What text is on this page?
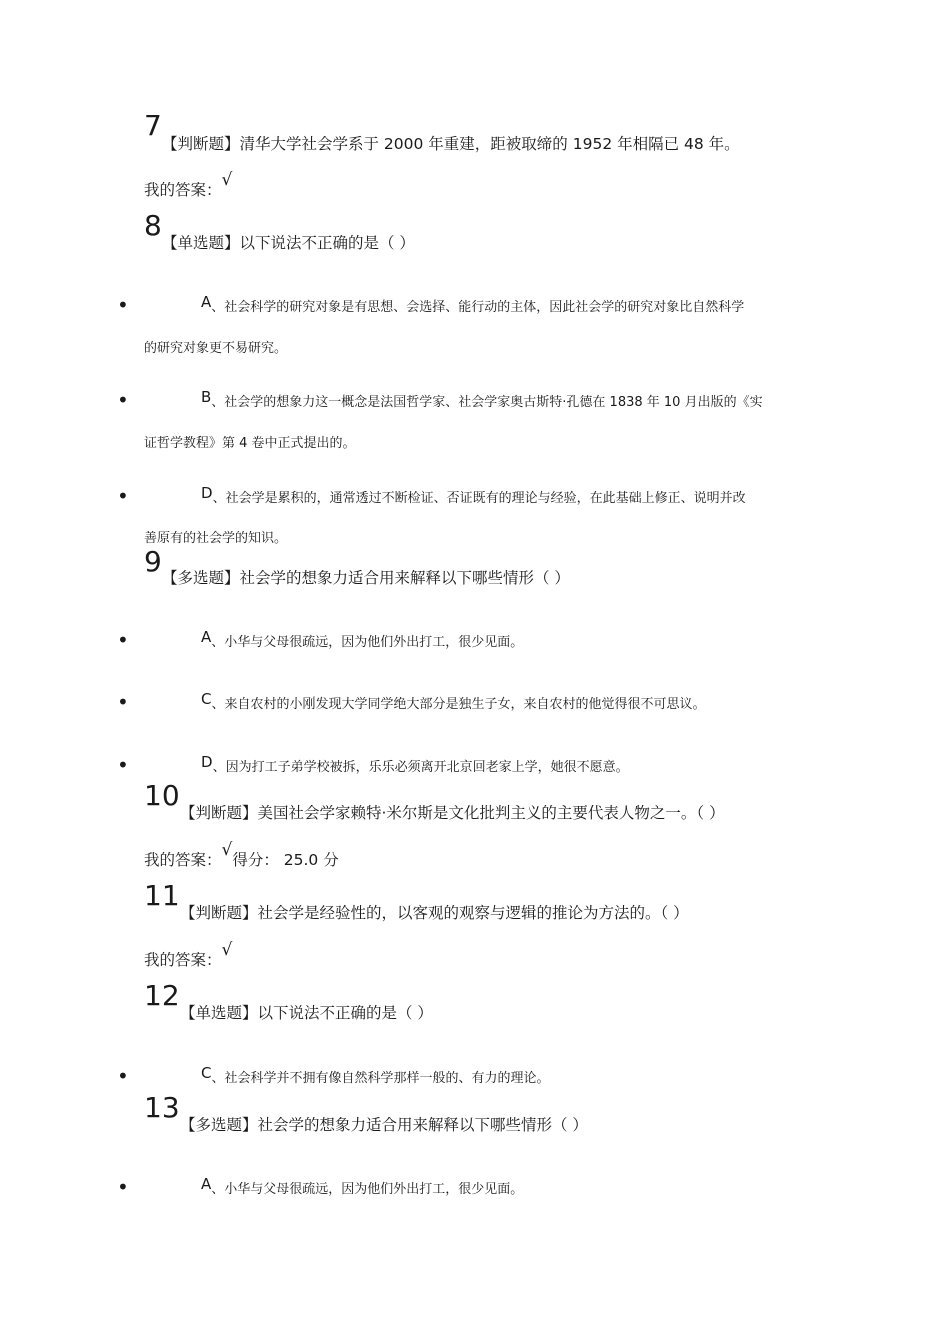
7
【判断题】清华大学社会学系于 2000 年重建，距被取缔的 1952 年相隔已 48 年。
我的答案：√
8
【单选题】以下说法不正确的是（ ）
•	A、社会科学的研究对象是有思想、会选择、能行动的主体，因此社会学的研究对象比自然科学
的研究对象更不易研究。
•	B、社会学的想象力这一概念是法国哲学家、社会学家奥古斯特·孔德在 1838 年 10 月出版的《实
证哲学教程》第 4 卷中正式提出的。
•	D、社会学是累积的，通常透过不断检证、否证既有的理论与经验，在此基础上修正、说明并改
善原有的社会学的知识。
9 【多选题】社会学的想象力适合用来解释以下哪些情形（ ）
•	A、小华与父母很疏远，因为他们外出打工，很少见面。
•	C、来自农村的小刚发现大学同学绝大部分是独生子女，来自农村的他觉得很不可思议。
•	D、因为打工子弟学校被拆，乐乐必须离开北京回老家上学，她很不愿意。
10
【判断题】美国社会学家赖特·米尔斯是文化批判主义的主要代表人物之一。（ ）
我的答案：√得分： 25.0 分
11
【判断题】社会学是经验性的，以客观的观察与逻辑的推论为方法的。（ ）
我的答案：√
12
【单选题】以下说法不正确的是（ ）
•	C、社会科学并不拥有像自然科学那样一般的、有力的理论。
13
【多选题】社会学的想象力适合用来解释以下哪些情形（ ）
•	A、小华与父母很疏远，因为他们外出打工，很少见面。
